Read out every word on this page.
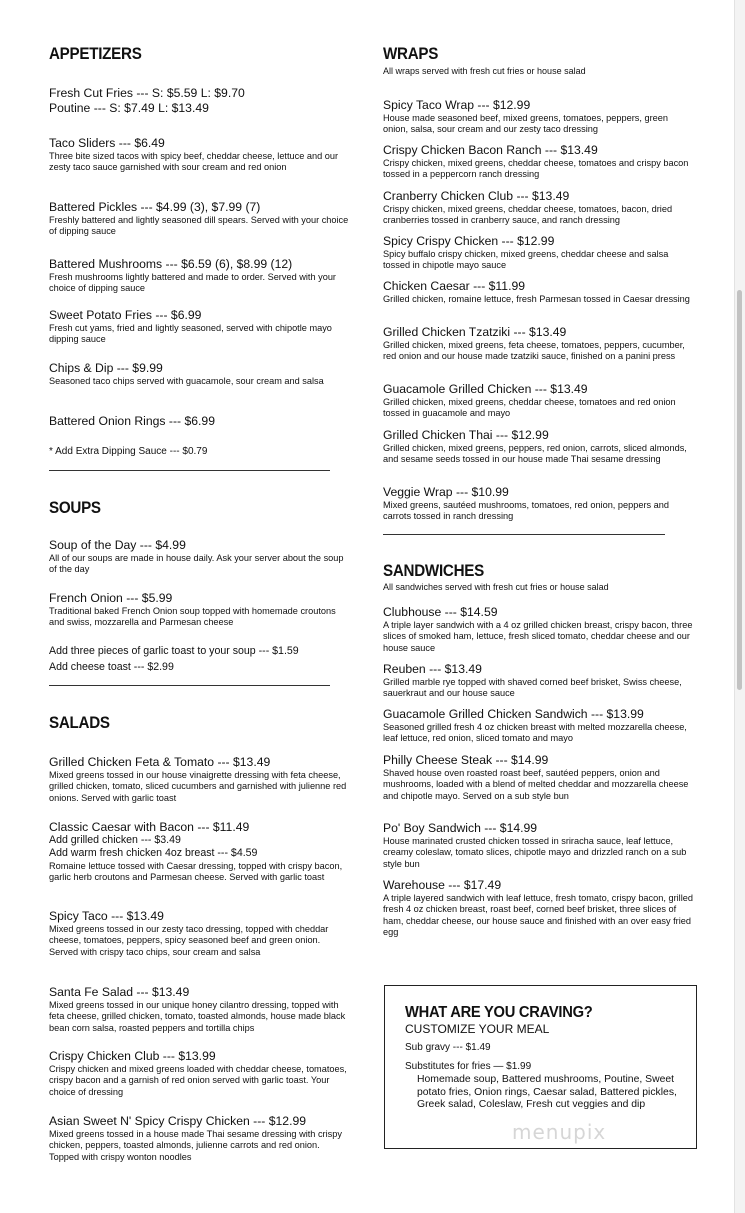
APPETIZERS
Fresh Cut Fries --- S: $5.59 L: $9.70
Poutine --- S: $7.49 L: $13.49
Taco Sliders --- $6.49
Three bite sized tacos with spicy beef, cheddar cheese, lettuce and our zesty taco sauce garnished with sour cream and red onion
Battered Pickles --- $4.99 (3), $7.99 (7)
Freshly battered and lightly seasoned dill spears. Served with your choice of dipping sauce
Battered Mushrooms --- $6.59 (6), $8.99 (12)
Fresh mushrooms lightly battered and made to order. Served with your choice of dipping sauce
Sweet Potato Fries --- $6.99
Fresh cut yams, fried and lightly seasoned, served with chipotle mayo dipping sauce
Chips & Dip --- $9.99
Seasoned taco chips served with guacamole, sour cream and salsa
Battered Onion Rings --- $6.99
* Add Extra Dipping Sauce --- $0.79
SOUPS
Soup of the Day --- $4.99
All of our soups are made in house daily. Ask your server about the soup of the day
French Onion --- $5.99
Traditional baked French Onion soup topped with homemade croutons and swiss, mozzarella and Parmesan cheese
Add three pieces of garlic toast to your soup --- $1.59
Add cheese toast --- $2.99
SALADS
Grilled Chicken Feta & Tomato --- $13.49
Mixed greens tossed in our house vinaigrette dressing with feta cheese, grilled chicken, tomato, sliced cucumbers and garnished with julienne red onions. Served with garlic toast
Classic Caesar with Bacon --- $11.49
Add grilled chicken --- $3.49
Add warm fresh chicken 4oz breast --- $4.59
Romaine lettuce tossed with Caesar dressing, topped with crispy bacon, garlic herb croutons and Parmesan cheese. Served with garlic toast
Spicy Taco --- $13.49
Mixed greens tossed in our zesty taco dressing, topped with cheddar cheese, tomatoes, peppers, spicy seasoned beef and green onion. Served with crispy taco chips, sour cream and salsa
Santa Fe Salad --- $13.49
Mixed greens tossed in our unique honey cilantro dressing, topped with feta cheese, grilled chicken, tomato, toasted almonds, house made black bean corn salsa, roasted peppers and tortilla chips
Crispy Chicken Club --- $13.99
Crispy chicken and mixed greens loaded with cheddar cheese, tomatoes, crispy bacon and a garnish of red onion served with garlic toast. Your choice of dressing
Asian Sweet N' Spicy Crispy Chicken --- $12.99
Mixed greens tossed in a house made Thai sesame dressing with crispy chicken, peppers, toasted almonds, julienne carrots and red onion. Topped with crispy wonton noodles
WRAPS
All wraps served with fresh cut fries or house salad
Spicy Taco Wrap --- $12.99
House made seasoned beef, mixed greens, tomatoes, peppers, green onion, salsa, sour cream and our zesty taco dressing
Crispy Chicken Bacon Ranch --- $13.49
Crispy chicken, mixed greens, cheddar cheese, tomatoes and crispy bacon tossed in a peppercorn ranch dressing
Cranberry Chicken Club --- $13.49
Crispy chicken, mixed greens, cheddar cheese, tomatoes, bacon, dried cranberries tossed in cranberry sauce, and ranch dressing
Spicy Crispy Chicken --- $12.99
Spicy buffalo crispy chicken, mixed greens, cheddar cheese and salsa tossed in chipotle mayo sauce
Chicken Caesar --- $11.99
Grilled chicken, romaine lettuce, fresh Parmesan tossed in Caesar dressing
Grilled Chicken Tzatziki --- $13.49
Grilled chicken, mixed greens, feta cheese, tomatoes, peppers, cucumber, red onion and our house made tzatziki sauce, finished on a panini press
Guacamole Grilled Chicken --- $13.49
Grilled chicken, mixed greens, cheddar cheese, tomatoes and red onion tossed in guacamole and mayo
Grilled Chicken Thai --- $12.99
Grilled chicken, mixed greens, peppers, red onion, carrots, sliced almonds, and sesame seeds tossed in our house made Thai sesame dressing
Veggie Wrap --- $10.99
Mixed greens, sautéed mushrooms, tomatoes, red onion, peppers and carrots tossed in ranch dressing
SANDWICHES
All sandwiches served with fresh cut fries or house salad
Clubhouse --- $14.59
A triple layer sandwich with a 4 oz grilled chicken breast, crispy bacon, three slices of smoked ham, lettuce, fresh sliced tomato, cheddar cheese and our house sauce
Reuben --- $13.49
Grilled marble rye topped with shaved corned beef brisket, Swiss cheese, sauerkraut and our house sauce
Guacamole Grilled Chicken Sandwich --- $13.99
Seasoned grilled fresh 4 oz chicken breast with melted mozzarella cheese, leaf lettuce, red onion, sliced tomato and mayo
Philly Cheese Steak --- $14.99
Shaved house oven roasted roast beef, sautéed peppers, onion and mushrooms, loaded with a blend of melted cheddar and mozzarella cheese and chipotle mayo. Served on a sub style bun
Po' Boy Sandwich --- $14.99
House marinated crusted chicken tossed in sriracha sauce, leaf lettuce, creamy coleslaw, tomato slices, chipotle mayo and drizzled ranch on a sub style bun
Warehouse --- $17.49
A triple layered sandwich with leaf lettuce, fresh tomato, crispy bacon, grilled fresh 4 oz chicken breast, roast beef, corned beef brisket, three slices of ham, cheddar cheese, our house sauce and finished with an over easy fried egg
WHAT ARE YOU CRAVING?
CUSTOMIZE YOUR MEAL
Sub gravy --- $1.49
Substitutes for fries — $1.99
Homemade soup, Battered mushrooms, Poutine, Sweet potato fries, Onion rings, Caesar salad, Battered pickles, Greek salad, Coleslaw, Fresh cut veggies and dip
menupix
